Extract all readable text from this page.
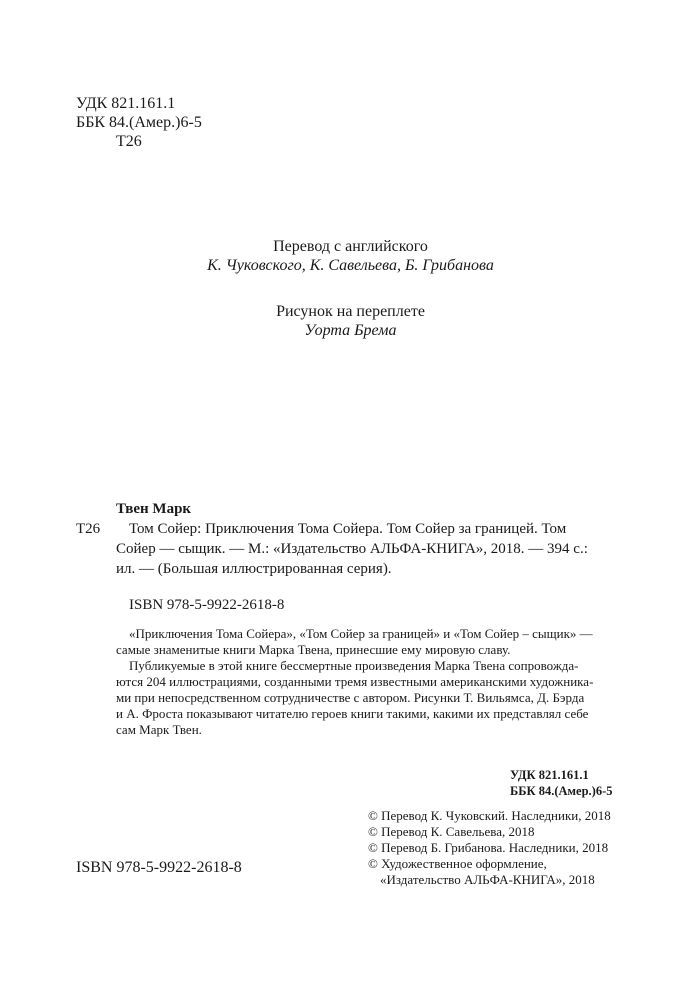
УДК 821.161.1
ББК 84.(Амер.)6-5
Т26
Перевод с английского
К. Чуковского, К. Савельева, Б. Грибанова
Рисунок на переплете
Уорта Брема
Твен Марк
Т26 Том Сойер: Приключения Тома Сойера. Том Сойер за границей. Том
Сойер — сыщик. — М.: «Издательство АЛЬФА-КНИГА», 2018. — 394 с.:
ил. — (Большая иллюстрированная серия).
ISBN 978-5-9922-2618-8
«Приключения Тома Сойера», «Том Сойер за границей» и «Том Сойер – сыщик» —
самые знаменитые книги Марка Твена, принесшие ему мировую славу.
Публикуемые в этой книге бессмертные произведения Марка Твена сопровожда-
ются 204 иллюстрациями, созданными тремя известными американскими художника-
ми при непосредственном сотрудничестве с автором. Рисунки Т. Вильямса, Д. Бэрда
и А. Фроста показывают читателю героев книги такими, какими их представлял себе
сам Марк Твен.
УДК 821.161.1
ББК 84.(Амер.)6-5
ISBN 978-5-9922-2618-8
© Перевод К. Чуковский. Наследники, 2018
© Перевод К. Савельева, 2018
© Перевод Б. Грибанова. Наследники, 2018
© Художественное оформление,
«Издательство АЛЬФА-КНИГА», 2018
